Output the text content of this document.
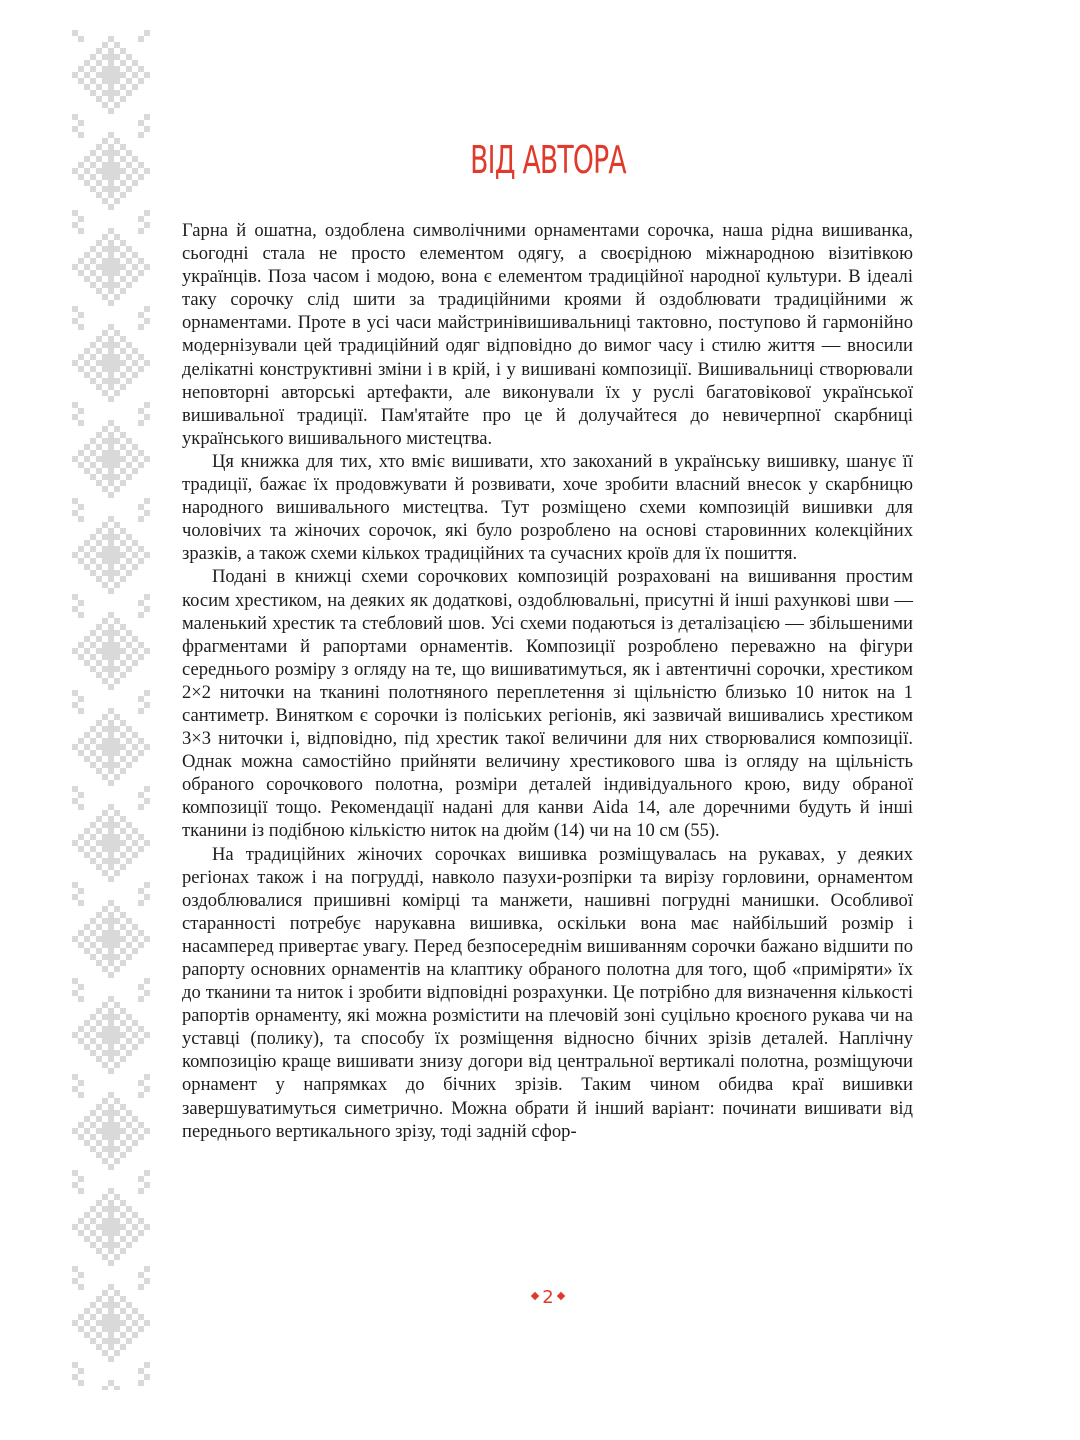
ВІД АВТОРА

Гарна й ошатна, оздоблена символічними орнаментами сорочка, наша рідна вишиванка, сьогодні стала не просто елементом одягу, а своєрідною міжнародною візитівкою українців. Поза часом і модою, вона є елементом традиційної народної культури. В ідеалі таку сорочку слід шити за традиційними кроями й оздоблювати традиційними ж орнаментами. Проте в усі часи майстринівишивальниці тактовно, поступово й гармонійно модернізували цей традиційний одяг відповідно до вимог часу і стилю життя — вносили делікатні конструктивні зміни і в крій, і у вишивані композиції. Вишивальниці створювали неповторні авторські артефакти, але виконували їх у руслі багатовікової української вишивальної традиції. Пам'ятайте про це й долучайтеся до невичерпної скарбниці українського вишивального мистецтва.

Ця книжка для тих, хто вміє вишивати, хто закоханий в українську вишивку, шанує її традиції, бажає їх продовжувати й розвивати, хоче зробити власний внесок у скарбницю народного вишивального мистецтва. Тут розміщено схеми композицій вишивки для чоловічих та жіночих сорочок, які було розроблено на основі старовинних колекційних зразків, а також схеми кількох традиційних та сучасних кроїв для їх пошиття.

Подані в книжці схеми сорочкових композицій розраховані на вишивання простим косим хрестиком, на деяких як додаткові, оздоблювальні, присутні й інші рахункові шви — маленький хрестик та стебловий шов. Усі схеми подаються із деталізацією — збільшеними фрагментами й рапортами орнаментів. Композиції розроблено переважно на фігури середнього розміру з огляду на те, що вишиватимуться, як і автентичні сорочки, хрестиком 2×2 ниточки на тканині полотняного переплетення зі щільністю близько 10 ниток на 1 сантиметр. Винятком є сорочки із поліських регіонів, які зазвичай вишивались хрестиком 3×3 ниточки і, відповідно, під хрестик такої величини для них створювалися композиції. Однак можна самостійно прийняти величину хрестикового шва із огляду на щільність обраного сорочкового полотна, розміри деталей індивідуального крою, виду обраної композиції тощо. Рекомендації надані для канви Aida 14, але доречними будуть й інші тканини із подібною кількістю ниток на дюйм (14) чи на 10 см (55).

На традиційних жіночих сорочках вишивка розміщувалась на рукавах, у деяких регіонах також і на погрудді, навколо пазухи-розпірки та вирізу горловини, орнаментом оздоблювалися пришивні комірці та манжети, нашивні погрудні манишки. Особливої старанності потребує нарукавна вишивка, оскільки вона має найбільший розмір і насамперед привертає увагу. Перед безпосереднім вишиванням сорочки бажано відшити по рапорту основних орнаментів на клаптику обраного полотна для того, щоб «приміряти» їх до тканини та ниток і зробити відповідні розрахунки. Це потрібно для визначення кількості рапортів орнаменту, які можна розмістити на плечовій зоні суцільно кроєного рукава чи на уставці (полику), та способу їх розміщення відносно бічних зрізів деталей. Наплічну композицію краще вишивати знизу догори від центральної вертикалі полотна, розміщуючи орнамент у напрямках до бічних зрізів. Таким чином обидва краї вишивки завершуватимуться симетрично. Можна обрати й інший варіант: починати вишивати від переднього вертикального зрізу, тоді задній сфор-

2
